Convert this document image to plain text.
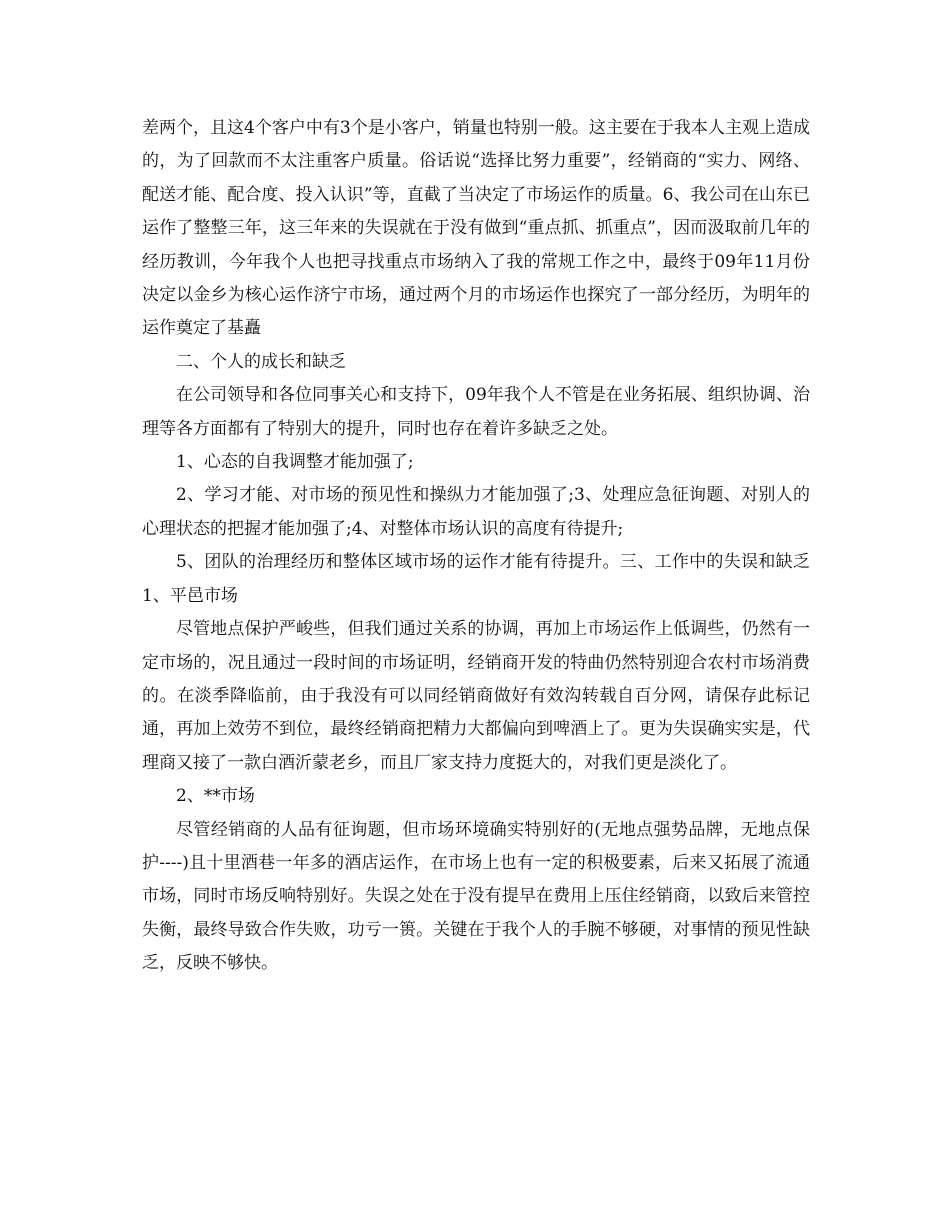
差两个，且这4个客户中有3个是小客户，销量也特别一般。这主要在于我本人主观上造成的，为了回款而不太注重客户质量。俗话说“选择比努力重要”，经销商的“实力、网络、配送才能、配合度、投入认识”等，直截了当决定了市场运作的质量。6、我公司在山东已运作了整整三年，这三年来的失误就在于没有做到“重点抓、抓重点”，因而汲取前几年的经历教训，今年我个人也把寻找重点市场纳入了我的常规工作之中，最终于09年11月份决定以金乡为核心运作济宁市场，通过两个月的市场运作也探究了一部分经历，为明年的运作奠定了基矗

二、个人的成长和缺乏

在公司领导和各位同事关心和支持下，09年我个人不管是在业务拓展、组织协调、治理等各方面都有了特别大的提升，同时也存在着许多缺乏之处。

1、心态的自我调整才能加强了;

2、学习才能、对市场的预见性和操纵力才能加强了;3、处理应急征询题、对别人的心理状态的把握才能加强了;4、对整体市场认识的高度有待提升;

5、团队的治理经历和整体区域市场的运作才能有待提升。三、工作中的失误和缺乏1、平邑市场

尽管地点保护严峻些，但我们通过关系的协调，再加上市场运作上低调些，仍然有一定市场的，况且通过一段时间的市场证明，经销商开发的特曲仍然特别迎合农村市场消费的。在淡季降临前，由于我没有可以同经销商做好有效沟转载自百分网，请保存此标记通，再加上效劳不到位，最终经销商把精力大都偏向到啤酒上了。更为失误确实实是，代理商又接了一款白酒沂蒙老乡，而且厂家支持力度挺大的，对我们更是淡化了。

2、**市场

尽管经销商的人品有征询题，但市场环境确实特别好的(无地点强势品牌，无地点保护----)且十里酒巷一年多的酒店运作，在市场上也有一定的积极要素，后来又拓展了流通市场，同时市场反响特别好。失误之处在于没有提早在费用上压住经销商，以致后来管控失衡，最终导致合作失败，功亏一篑。关键在于我个人的手腕不够硬，对事情的预见性缺乏，反映不够快。
